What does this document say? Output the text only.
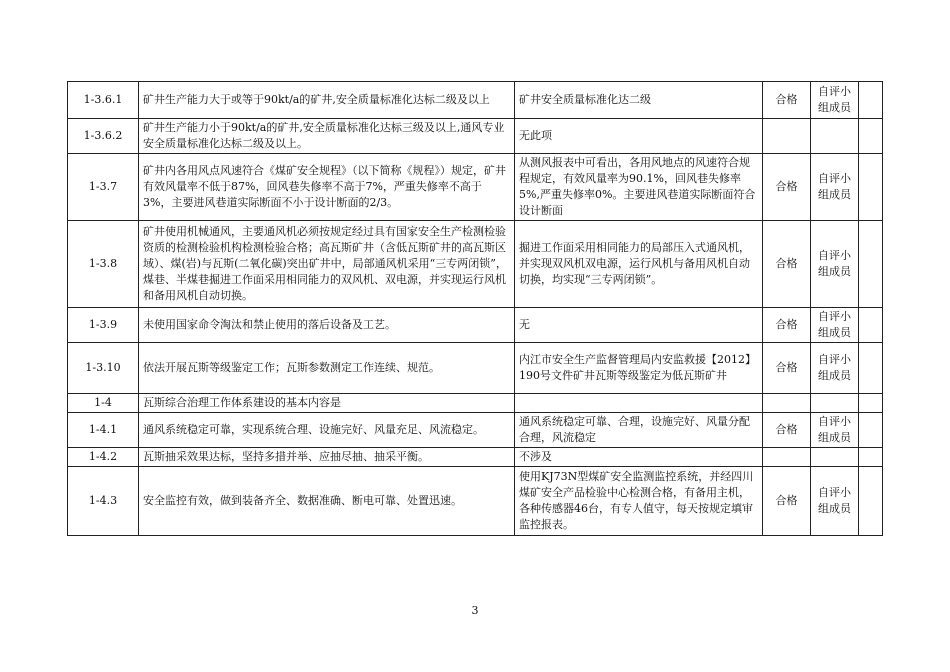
1-3.6.1	矿井生产能力大于或等于90kt/a的矿井,安全质量标准化达标二级及以上	矿井安全质量标准化达二级	合格	自评小组成员	
1-3.6.2	矿井生产能力小于90kt/a的矿井,安全质量标准化达标三级及以上,通风专业安全质量标准化达标二级及以上。	无此项			
1-3.7	矿井内各用风点风速符合《煤矿安全规程》（以下简称《规程》）规定，矿井有效风量率不低于87%，回风巷失修率不高于7%，严重失修率不高于3%，主要进风巷道实际断面不小于设计断面的2/3。	从测风报表中可看出，各用风地点的风速符合规程规定，有效风量率为90.1%，回风巷失修率5%,严重失修率0%。主要进风巷道实际断面符合设计断面	合格	自评小组成员	
1-3.8	矿井使用机械通风，主要通风机必须按规定经过具有国家安全生产检测检验资质的检测检验机构检测检验合格；高瓦斯矿井（含低瓦斯矿井的高瓦斯区域）、煤(岩)与瓦斯(二氧化碳)突出矿井中，局部通风机采用“三专两闭锁”，煤巷、半煤巷掘进工作面采用相同能力的双风机、双电源，并实现运行风机和备用风机自动切换。	掘进工作面采用相同能力的局部压入式通风机，并实现双风机双电源，运行风机与备用风机自动切换，均实现“三专两闭锁”。	合格	自评小组成员	
1-3.9	未使用国家命令淘汰和禁止使用的落后设备及工艺。	无	合格	自评小组成员	
1-3.10	依法开展瓦斯等级鉴定工作；瓦斯参数测定工作连续、规范。	内江市安全生产监督管理局内安监救援【2012】190号文件矿井瓦斯等级鉴定为低瓦斯矿井	合格	自评小组成员	
1-4	瓦斯综合治理工作体系建设的基本内容是				
1-4.1	通风系统稳定可靠，实现系统合理、设施完好、风量充足、风流稳定。	通风系统稳定可靠、合理，设施完好、风量分配合理，风流稳定	合格	自评小组成员	
1-4.2	瓦斯抽采效果达标，坚持多措并举、应抽尽抽、抽采平衡。	不涉及			
1-4.3	安全监控有效，做到装备齐全、数据准确、断电可靠、处置迅速。	使用KJ73N型煤矿安全监测监控系统，并经四川煤矿安全产品检验中心检测合格，有备用主机，各种传感器46台，有专人值守，每天按规定填审监控报表。	合格	自评小组成员	
3
